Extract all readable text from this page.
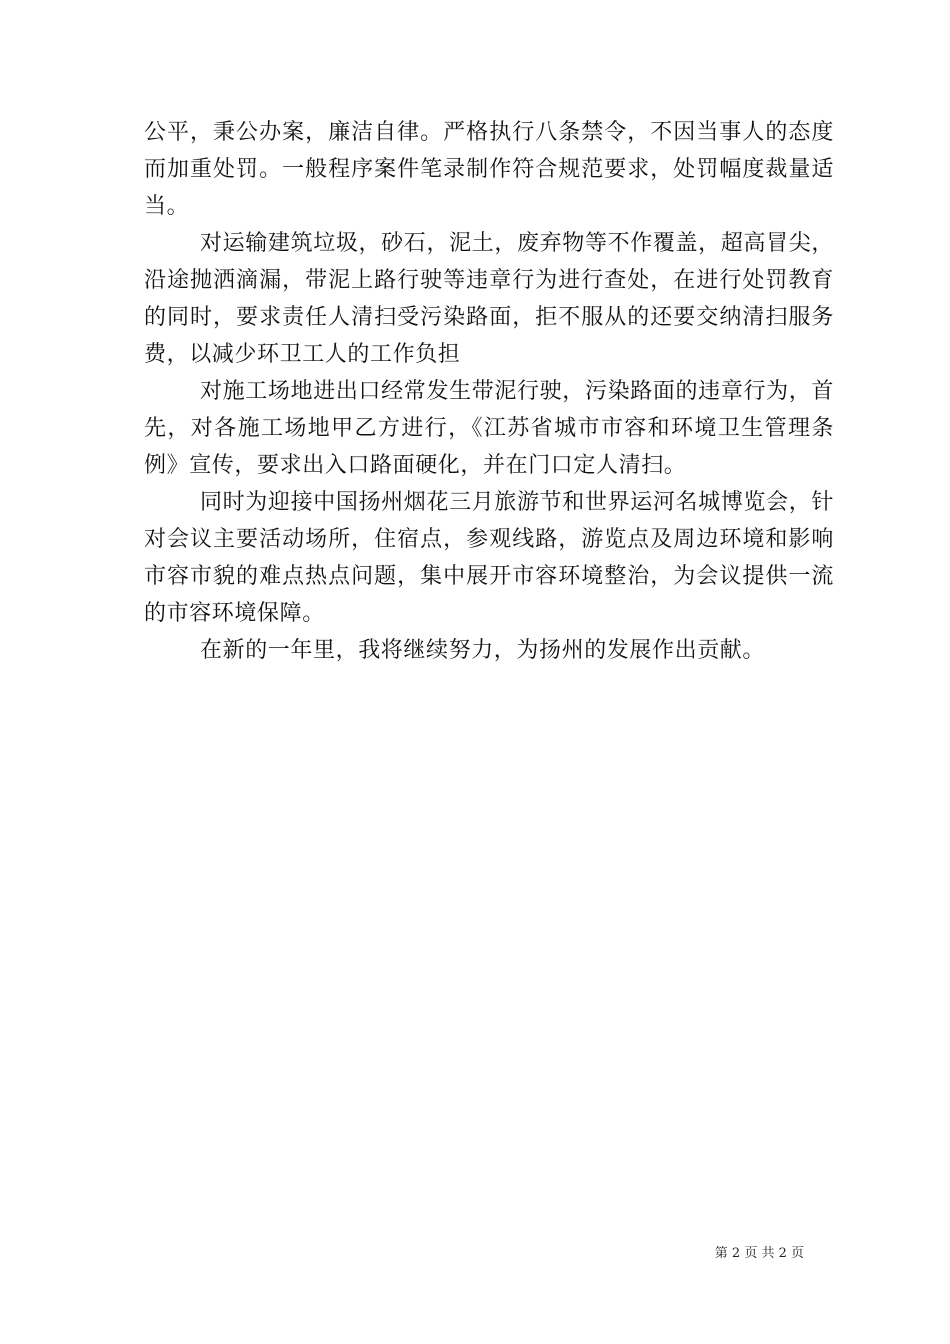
公平，秉公办案，廉洁自律。严格执行八条禁令，不因当事人的态度而加重处罚。一般程序案件笔录制作符合规范要求，处罚幅度裁量适当。

对运输建筑垃圾，砂石，泥土，废弃物等不作覆盖，超高冒尖，沿途抛洒滴漏，带泥上路行驶等违章行为进行查处，在进行处罚教育的同时，要求责任人清扫受污染路面，拒不服从的还要交纳清扫服务费，以减少环卫工人的工作负担

对施工场地进出口经常发生带泥行驶，污染路面的违章行为，首先，对各施工场地甲乙方进行，《江苏省城市市容和环境卫生管理条例》宣传，要求出入口路面硬化，并在门口定人清扫。

同时为迎接中国扬州烟花三月旅游节和世界运河名城博览会，针对会议主要活动场所，住宿点，参观线路，游览点及周边环境和影响市容市貌的难点热点问题，集中展开市容环境整治，为会议提供一流的市容环境保障。

在新的一年里，我将继续努力，为扬州的发展作出贡献。

第 2 页 共 2 页
